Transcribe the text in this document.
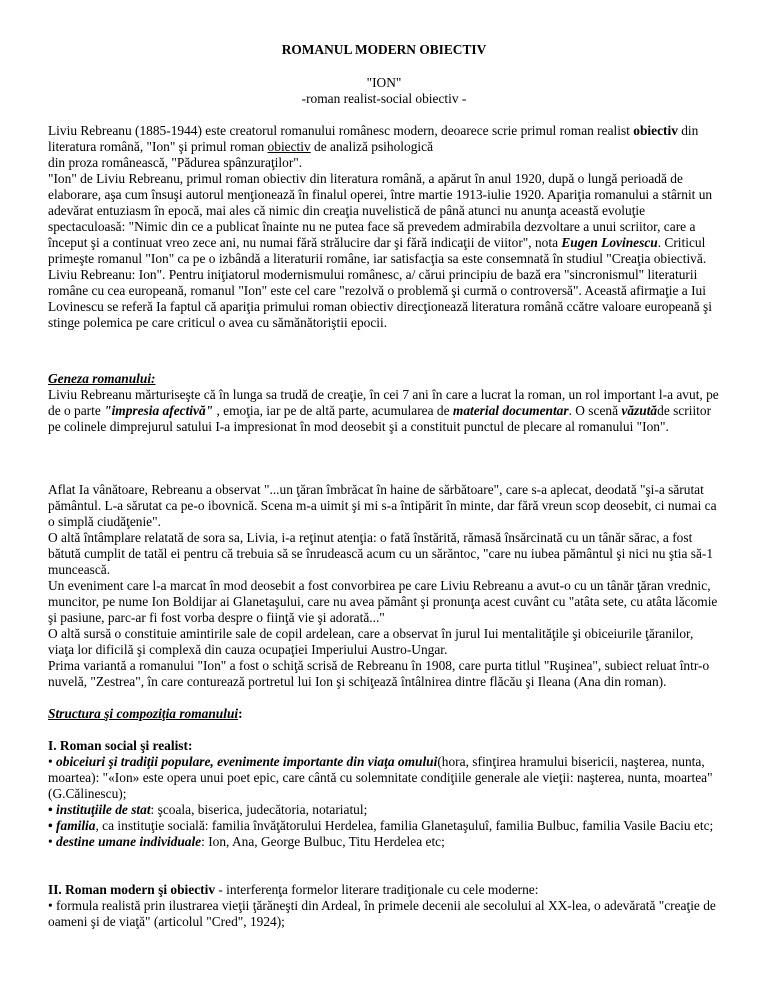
ROMANUL MODERN OBIECTIV
"ION"
-roman realist-social obiectiv -

Liviu Rebreanu (1885-1944) este creatorul romanului românesc modern, deoarece scrie primul roman realist obiectiv din literatura română, "Ion" şi primul roman obiectiv de analiză psihologică
din proza românească, "Pădurea spânzuraţilor".

"Ion" de Liviu Rebreanu, primul roman obiectiv din literatura română, a apărut în anul 1920, după o lungă perioadă de elaborare, aşa cum însuşi autorul menţionează în finalul operei, între martie 1913-iulie 1920. Apariţia romanului a stârnit un adevărat entuziasm în epocă, mai ales că nimic din creaţia nuvelistică de până atunci nu anunţa această evoluţie spectaculoasă: "Nimic din ce a publicat înainte nu ne putea face să prevedem admirabila dezvoltare a unui scriitor, care a început şi a continuat vreo zece ani, nu numai fără strălucire dar şi fără indicaţii de viitor", nota Eugen Lovinescu. Criticul primeşte romanul "Ion" ca pe o izbândă a literaturii române, iar satisfacţia sa este consemnată în studiul "Creaţia obiectivă. Liviu Rebreanu: Ion". Pentru iniţiatorul modernismului românesc, a/ cărui principiu de bază era "sincronismul" literaturii române cu cea europeană, romanul "Ion" este cel care "rezolvă o problemă şi curmă o controversă". Această afirmaţie a Iui Lovinescu se referă Ia faptul că apariţia primului roman obiectiv direcţionează literatura română ccătre valoare europeană şi stinge polemica pe care criticul o avea cu sămănătoriştii epocii.

Geneza romanului:
Liviu Rebreanu mărturiseşte că în lunga sa trudă de creaţie, în cei 7 ani în care a lucrat la roman, un rol important l-a avut, pe de o parte "impresia afectivă" , emoţia, iar pe de altă parte, acumularea de material documentar. O scenă văzutăde scriitor pe colinele dimprejurul satului I-a impresionat în mod deosebit şi a constituit punctul de plecare al romanului "Ion".

Aflat Ia vânătoare, Rebreanu a observat "...un ţăran îmbrăcat în haine de sărbătoare", care s-a aplecat, deodată "şi-a sărutat pământul. L-a sărutat ca pe-o ibovnică. Scena m-a uimit şi mi s-a întipărit în minte, dar fără vreun scop deosebit, ci numai ca o simplă ciudăţenie".

O altă întâmplare relatată de sora sa, Livia, i-a reţinut atenţia: o fată înstărită, rămasă însărcinată cu un tânăr sărac, a fost bătută cumplit de tatăl ei pentru că trebuia să se înrudească acum cu un sărăntoc, "care nu iubea pământul şi nici nu ştia să-1 muncească.

Un eveniment care l-a marcat în mod deosebit a fost convorbirea pe care Liviu Rebreanu a avut-o cu un tânăr ţăran vrednic, muncitor, pe nume Ion Boldijar ai Glanetaşului, care nu avea pământ şi pronunţa acest cuvânt cu "atâta sete, cu atâta lăcomie şi pasiune, parc-ar fi fost vorba despre o fiinţă vie şi adorată..."

O altă sursă o constituie amintirile sale de copil ardelean, care a observat în jurul Iui mentalităţile şi obiceiurile ţăranilor, viaţa lor dificilă şi complexă din cauza ocupaţiei Imperiului Austro-Ungar.

Prima variantă a romanului "Ion" a fost o schiţă scrisă de Rebreanu în 1908, care purta titlul "Ruşinea", subiect reluat într-o nuvelă, "Zestrea", în care conturează portretul lui Ion şi schiţează întâlnirea dintre flăcău şi Ileana (Ana din roman).

Structura şi compoziţia romanului:

I. Roman social şi realist:
• obiceiuri şi tradiţii populare, evenimente importante din viaţa omului(hora, sfinţirea hramului bisericii, naşterea, nunta, moartea): "«Ion» este opera unui poet epic, care cântă cu solemnitate condiţiile generale ale vieţii: naşterea, nunta, moartea" (G.Călinescu);
• instituţiile de stat: şcoala, biserica, judecătoria, notariatul;
• familia, ca instituţie socială: familia învăţătorului Herdelea, familia Glanetaşuluî, familia Bulbuc, familia Vasile Baciu etc;
• destine umane individuale: Ion, Ana, George Bulbuc, Titu Herdelea etc;

II. Roman modern şi obiectiv - interferenţa formelor literare tradiţionale cu cele moderne:
• formula realistă prin ilustrarea vieţii ţărăneşti din Ardeal, în primele decenii ale secolului al XX-lea, o adevărată "creaţie de oameni şi de viaţă" (articolul "Cred", 1924);
